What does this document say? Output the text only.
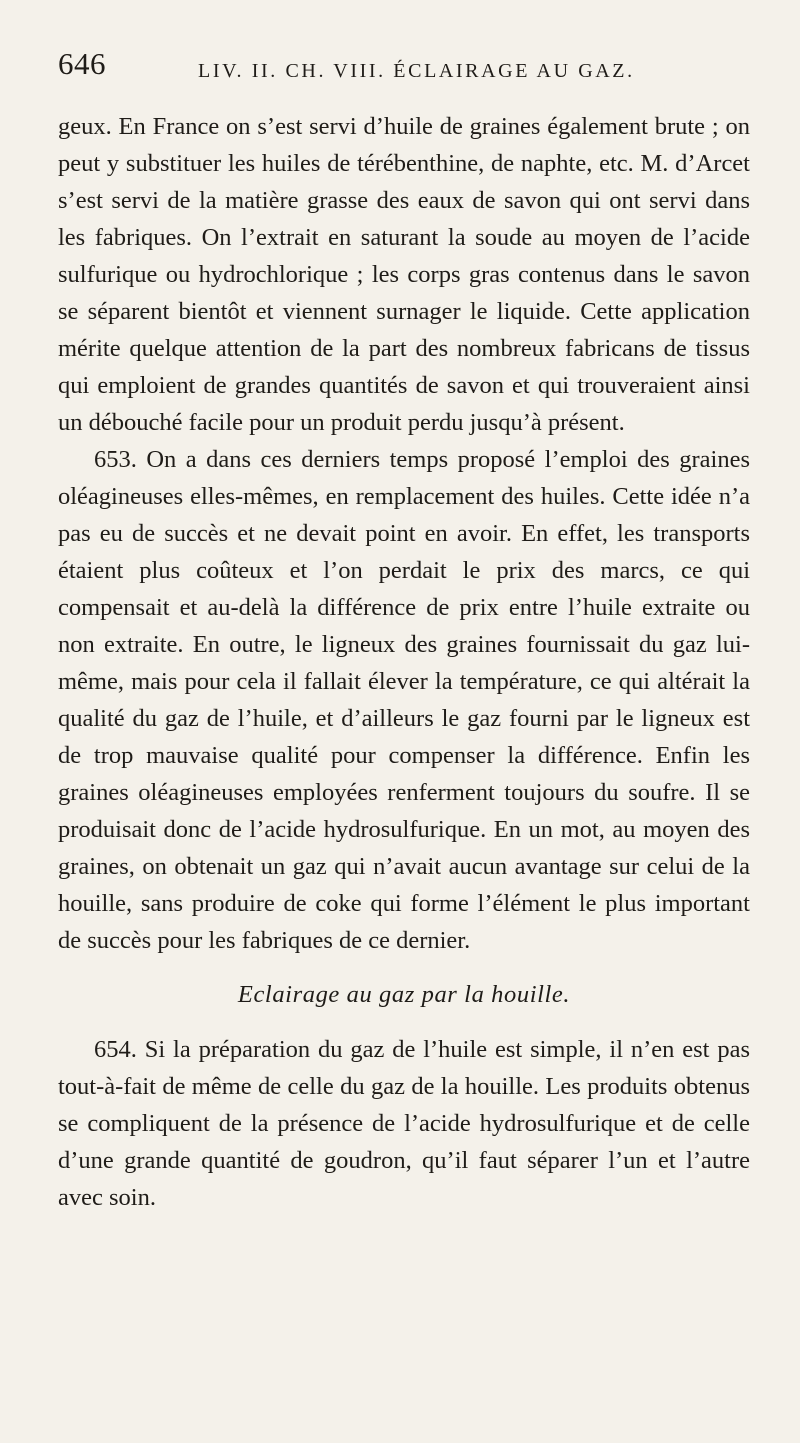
646	LIV. II. CH. VIII. ÉCLAIRAGE AU GAZ.

geux. En France on s’est servi d’huile de graines également brute ; on peut y substituer les huiles de térébenthine, de naphte, etc. M. d’Arcet s’est servi de la matière grasse des eaux de savon qui ont servi dans les fabriques. On l’extrait en saturant la soude au moyen de l’acide sulfurique ou hydrochlorique ; les corps gras contenus dans le savon se séparent bientôt et viennent surnager le liquide. Cette application mérite quelque attention de la part des nombreux fabricans de tissus qui emploient de grandes quantités de savon et qui trouveraient ainsi un débouché facile pour un produit perdu jusqu’à présent.

653. On a dans ces derniers temps proposé l’emploi des graines oléagineuses elles-mêmes, en remplacement des huiles. Cette idée n’a pas eu de succès et ne devait point en avoir. En effet, les transports étaient plus coûteux et l’on perdait le prix des marcs, ce qui compensait et au-delà la différence de prix entre l’huile extraite ou non extraite. En outre, le ligneux des graines fournissait du gaz lui-même, mais pour cela il fallait élever la température, ce qui altérait la qualité du gaz de l’huile, et d’ailleurs le gaz fourni par le ligneux est de trop mauvaise qualité pour compenser la différence. Enfin les graines oléagineuses employées renferment toujours du soufre. Il se produisait donc de l’acide hydrosulfurique. En un mot, au moyen des graines, on obtenait un gaz qui n’avait aucun avantage sur celui de la houille, sans produire de coke qui forme l’élément le plus important de succès pour les fabriques de ce dernier.

Eclairage au gaz par la houille.

654. Si la préparation du gaz de l’huile est simple, il n’en est pas tout-à-fait de même de celle du gaz de la houille. Les produits obtenus se compliquent de la présence de l’acide hydrosulfurique et de celle d’une grande quantité de goudron, qu’il faut séparer l’un et l’autre avec soin.
